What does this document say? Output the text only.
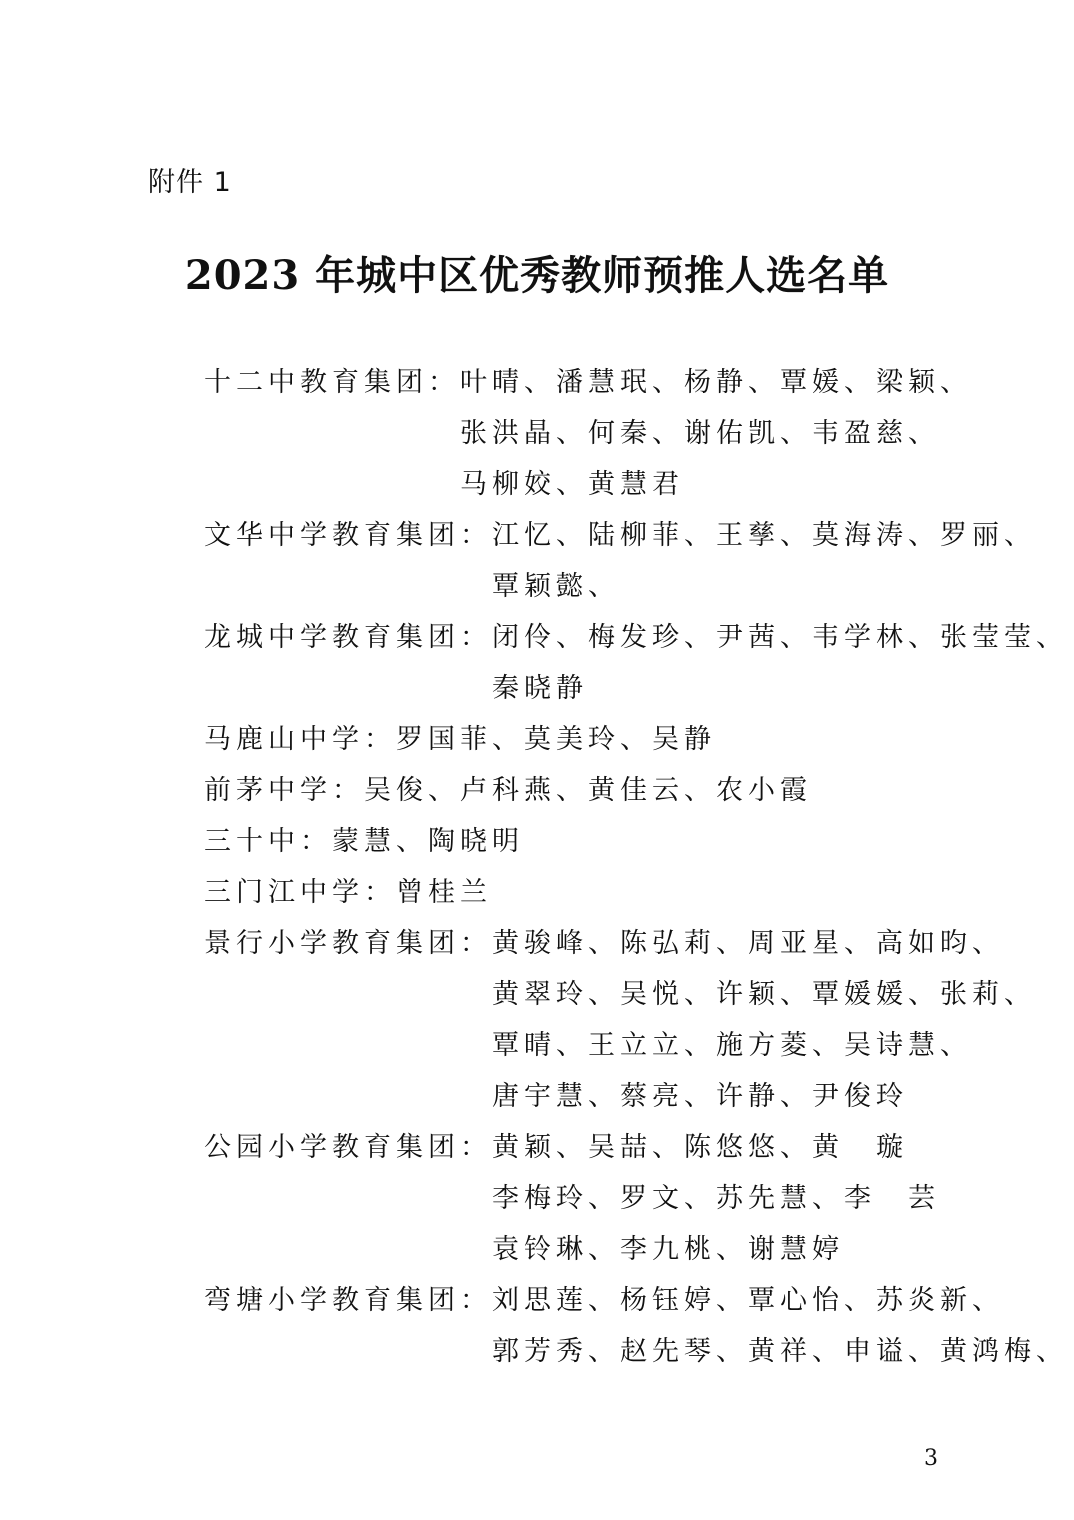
附件 1
2023 年城中区优秀教师预推人选名单
十二中教育集团： 叶晴、潘慧珉、杨静、覃媛、梁颖、
张洪晶、何秦、谢佑凯、韦盈慈、
马柳姣、黄慧君
文华中学教育集团： 江忆、陆柳菲、王孳、莫海涛、罗丽、
覃颖懿、
龙城中学教育集团： 闭伶、梅发珍、尹茜、韦学林、张莹莹、
秦晓静
马鹿山中学： 罗国菲、莫美玲、吴静
前茅中学： 吴俊、卢科燕、黄佳云、农小霞
三十中： 蒙慧、陶晓明
三门江中学： 曾桂兰
景行小学教育集团： 黄骏峰、陈弘莉、周亚星、高如昀、
黄翠玲、吴悦、许颖、覃媛媛、张莉、
覃晴、王立立、施方菱、吴诗慧、
唐宇慧、蔡亮、许静、尹俊玲
公园小学教育集团： 黄颖、吴喆、陈悠悠、黄　璇
李梅玲、罗文、苏先慧、李　芸
袁铃琳、李九桃、谢慧婷
弯塘小学教育集团： 刘思莲、杨钰婷、覃心怡、苏炎新、
郭芳秀、赵先琴、黄祥、申谥、黄鸿梅、
3
